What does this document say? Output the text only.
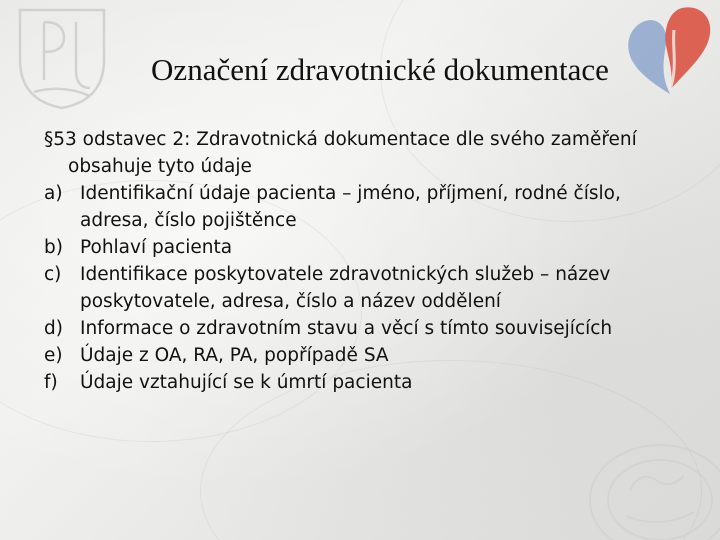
Označení zdravotnické dokumentace

§53 odstavec 2: Zdravotnická dokumentace dle svého zaměření obsahuje tyto údaje

a) Identifikační údaje pacienta – jméno, příjmení, rodné číslo, adresa, číslo pojištěnce
b) Pohlaví pacienta
c)	Identifikace poskytovatele zdravotnických služeb – název poskytovatele, adresa, číslo a název oddělení
d) Informace o zdravotním stavu a věcí s tímto souvisejících
e) Údaje z OA, RA, PA, popřípadě SA
f)	Údaje vztahující se k úmrtí pacienta
